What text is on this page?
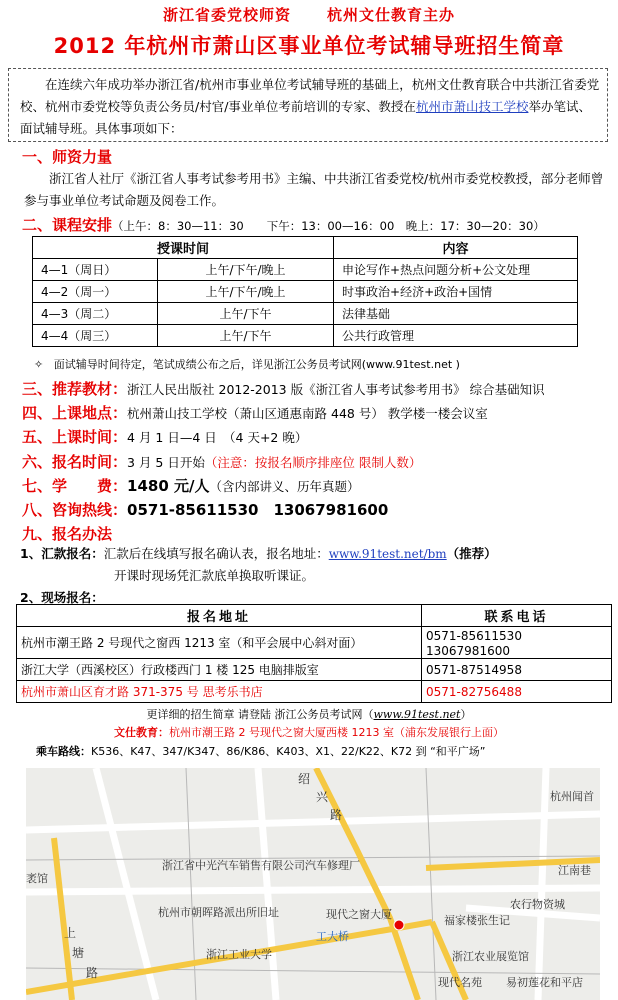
浙江省委党校师资 杭州文仕教育主办
2012 年杭州市萧山区事业单位考试辅导班招生简章
在连续六年成功举办浙江省/杭州市事业单位考试辅导班的基础上，杭州文仕教育联合中共浙江省委党校、杭州市委党校等负责公务员/村官/事业单位考前培训的专家、教授在杭州市萧山技工学校举办笔试、面试辅导班。具体事项如下：
一、师资力量
浙江省人社厅《浙江省人事考试参考用书》主编、中共浙江省委党校/杭州市委党校教授，部分老师曾参与事业单位考试命题及阅卷工作。
二、课程安排（上午：8：30—11：30　　下午：13：00—16：00　晚上：17：30—20：30）
授课时间		内容
4—1（周日）	上午/下午/晚上	申论写作+热点问题分析+公文处理
4—2（周一）	上午/下午/晚上	时事政治+经济+政治+国情
4—3（周二）	上午/下午	法律基础
4—4（周三）	上午/下午	公共行政管理
✧ 面试辅导时间待定，笔试成绩公布之后，详见浙江公务员考试网(www.91test.net )
三、推荐教材：浙江人民出版社 2012-2013 版《浙江省人事考试参考用书》 综合基础知识
四、上课地点：杭州萧山技工学校（萧山区通惠南路 448 号） 教学楼一楼会议室
五、上课时间：4 月 1 日—4 日　（4 天+2 晚）
六、报名时间：3 月 5 日开始（注意：按报名顺序排座位 限制人数）
七、学　　费：1480 元/人（含内部讲义、历年真题）
八、咨询热线：0571-85611530　13067981600
九、报名办法
1、汇款报名：汇款后在线填写报名确认表，报名地址：www.91test.net/bm（推荐）
开课时现场凭汇款底单换取听课证。
2、现场报名：
报名地址	联系电话
杭州市潮王路 2 号现代之窗西 1213 室（和平会展中心斜对面）	0571-85611530　13067981600
浙江大学（西溪校区）行政楼西门 1 楼 125 电脑排版室	0571-87514958
杭州市萧山区育才路 371-375 号 思考乐书店	0571-82756488
更详细的招生简章 请登陆 浙江公务员考试网（www.91test.net）
文仕教育：杭州市潮王路 2 号现代之窗大厦西楼 1213 室（浦东发展银行上面）
乘车路线：K536、K47、347/K347、86/K86、K403、X1、22/K22、K72 到 “和平广场”
绍
兴
路
杭州闻首
浙江省中光汽车销售有限公司汽车修理厂	江南巷
杭州市朝晖路派出所旧址	现代之窗大厦
农行物资城
福家楼张生记
工大桥
浙江工业大学	浙江农业展览馆
现代名苑 易初莲花和平店
上
塘
路
袤馆
